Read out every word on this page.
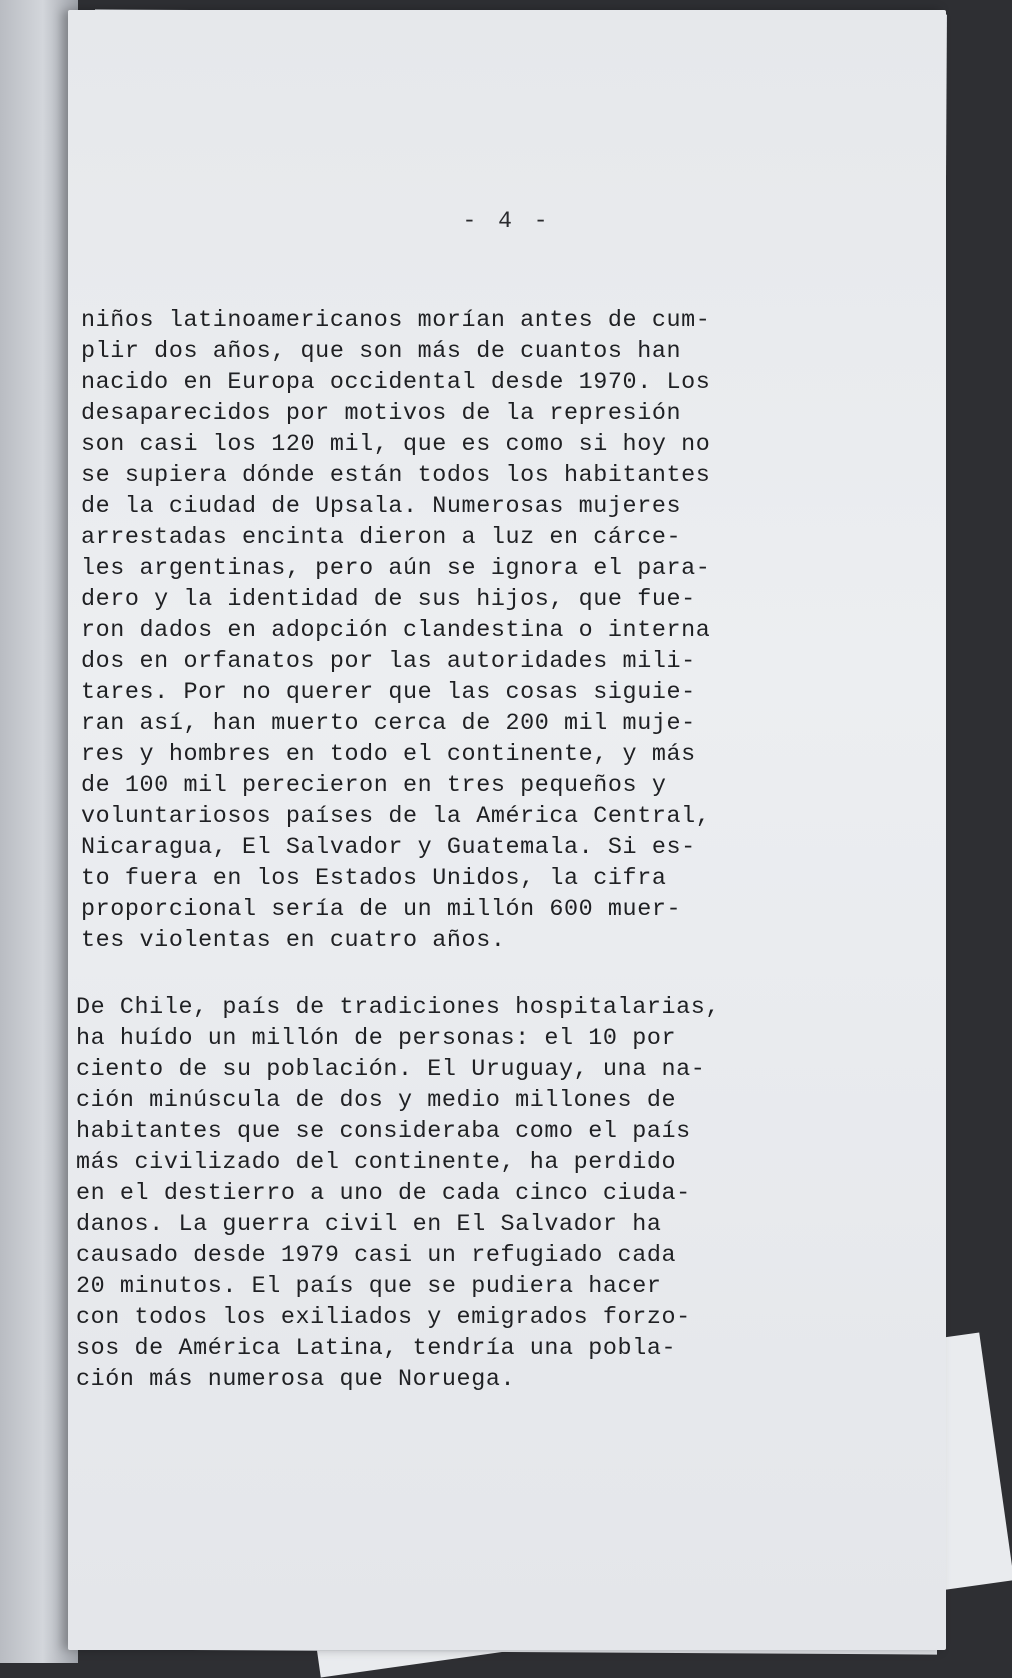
- 4 -

niños latinoamericanos morían antes de cum-
plir dos años, que son más de cuantos han
nacido en Europa occidental desde 1970. Los
desaparecidos por motivos de la represión
son casi los 120 mil, que es como si hoy no
se supiera dónde están todos los habitantes
de la ciudad de Upsala. Numerosas mujeres
arrestadas encinta dieron a luz en cárce-
les argentinas, pero aún se ignora el para-
dero y la identidad de sus hijos, que fue-
ron dados en adopción clandestina o interna
dos en orfanatos por las autoridades mili-
tares. Por no querer que las cosas siguie-
ran así, han muerto cerca de 200 mil muje-
res y hombres en todo el continente, y más
de 100 mil perecieron en tres pequeños y
voluntariosos países de la América Central,
Nicaragua, El Salvador y Guatemala. Si es-
to fuera en los Estados Unidos, la cifra
proporcional sería de un millón 600 muer-
tes violentas en cuatro años.

De Chile, país de tradiciones hospitalarias,
ha huído un millón de personas: el 10 por
ciento de su población. El Uruguay, una na-
ción minúscula de dos y medio millones de
habitantes que se consideraba como el país
más civilizado del continente, ha perdido
en el destierro a uno de cada cinco ciuda-
danos. La guerra civil en El Salvador ha
causado desde 1979 casi un refugiado cada
20 minutos. El país que se pudiera hacer
con todos los exiliados y emigrados forzo-
sos de América Latina, tendría una pobla-
ción más numerosa que Noruega.
